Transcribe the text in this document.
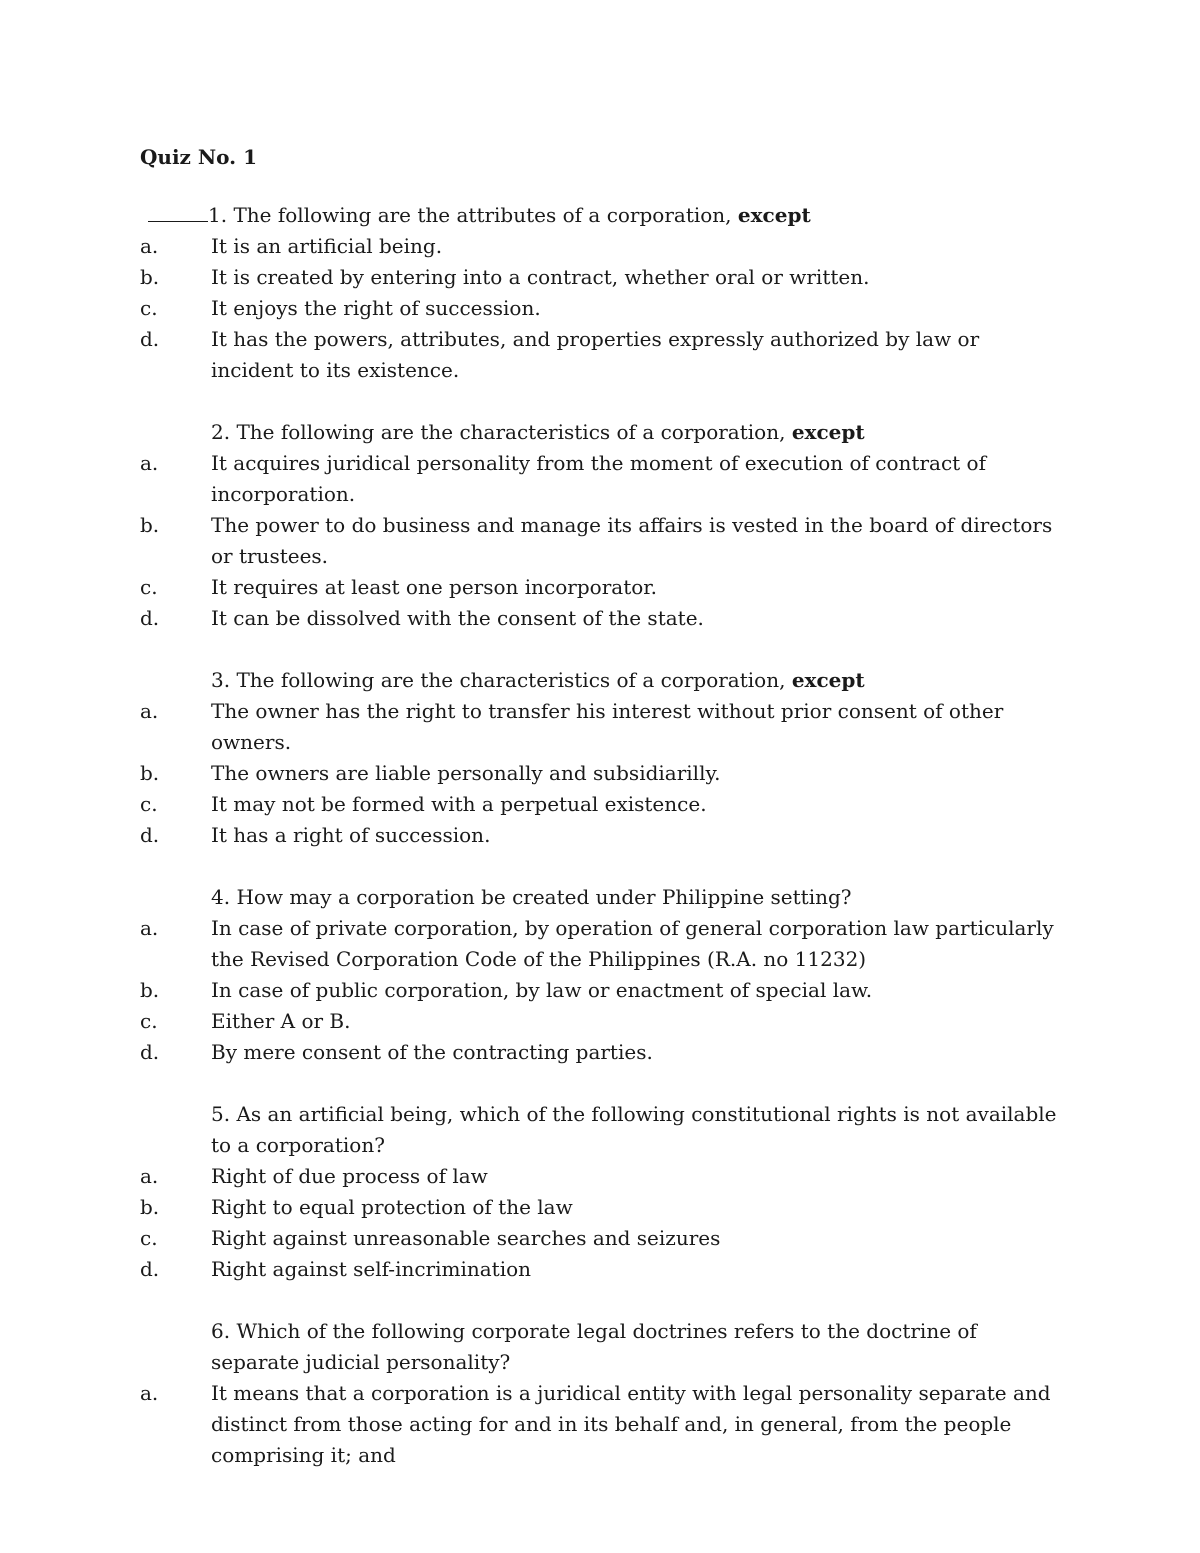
Quiz No. 1
1. The following are the attributes of a corporation, except
a.	It is an artificial being.
b.	It is created by entering into a contract, whether oral or written.
c.	It enjoys the right of succession.
d.	It has the powers, attributes, and properties expressly authorized by law or incident to its existence.
2. The following are the characteristics of a corporation, except
a.	It acquires juridical personality from the moment of execution of contract of incorporation.
b.	The power to do business and manage its affairs is vested in the board of directors or trustees.
c.	It requires at least one person incorporator.
d.	It can be dissolved with the consent of the state.
3. The following are the characteristics of a corporation, except
a.	The owner has the right to transfer his interest without prior consent of other owners.
b.	The owners are liable personally and subsidiarilly.
c.	It may not be formed with a perpetual existence.
d.	It has a right of succession.
4. How may a corporation be created under Philippine setting?
a.	In case of private corporation, by operation of general corporation law particularly the Revised Corporation Code of the Philippines (R.A. no 11232)
b.	In case of public corporation, by law or enactment of special law.
c.	Either A or B.
d.	By mere consent of the contracting parties.
5. As an artificial being, which of the following constitutional rights is not available to a corporation?
a.	Right of due process of law
b.	Right to equal protection of the law
c.	Right against unreasonable searches and seizures
d.	Right against self-incrimination
6. Which of the following corporate legal doctrines refers to the doctrine of separate judicial personality?
a.	It means that a corporation is a juridical entity with legal personality separate and distinct from those acting for and in its behalf and, in general, from the people comprising it; and
